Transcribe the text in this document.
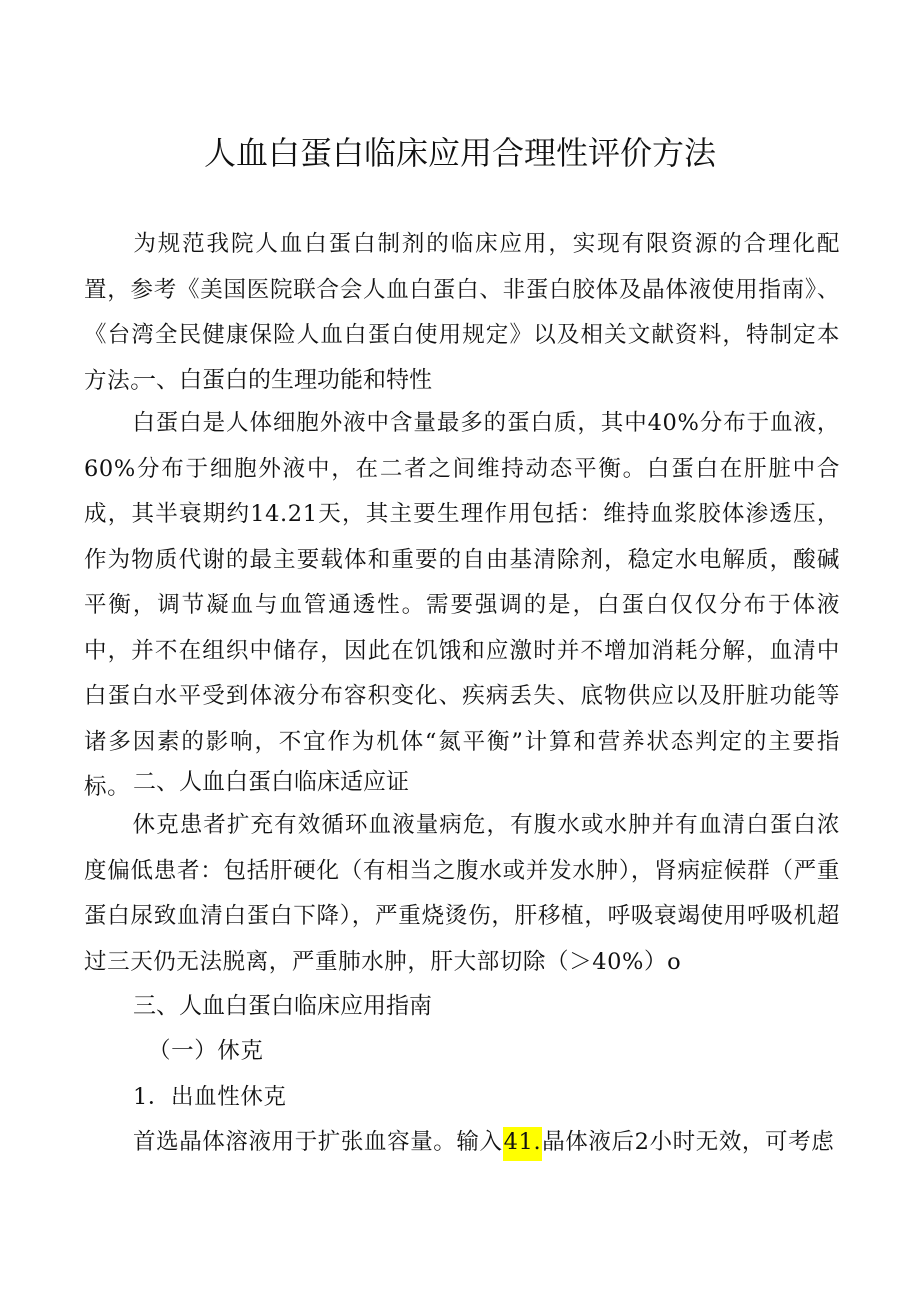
人血白蛋白临床应用合理性评价方法
为规范我院人血白蛋白制剂的临床应用，实现有限资源的合理化配置，参考《美国医院联合会人血白蛋白、非蛋白胶体及晶体液使用指南》、《台湾全民健康保险人血白蛋白使用规定》以及相关文献资料，特制定本方法。
一、白蛋白的生理功能和特性
白蛋白是人体细胞外液中含量最多的蛋白质，其中40%分布于血液，60%分布于细胞外液中，在二者之间维持动态平衡。白蛋白在肝脏中合成，其半衰期约14.21天，其主要生理作用包括：维持血浆胶体渗透压，作为物质代谢的最主要载体和重要的自由基清除剂，稳定水电解质，酸碱平衡，调节凝血与血管通透性。需要强调的是，白蛋白仅仅分布于体液中，并不在组织中储存，因此在饥饿和应激时并不增加消耗分解，血清中白蛋白水平受到体液分布容积变化、疾病丢失、底物供应以及肝脏功能等诸多因素的影响，不宜作为机体“氮平衡”计算和营养状态判定的主要指标。 二、人血白蛋白临床适应证
休克患者扩充有效循环血液量病危，有腹水或水肿并有血清白蛋白浓度偏低患者：包括肝硬化（有相当之腹水或并发水肿），肾病症候群（严重蛋白尿致血清白蛋白下降），严重烧烫伤，肝移植，呼吸衰竭使用呼吸机超过三天仍无法脱离，严重肺水肿，肝大部切除（＞40%）o
三、人血白蛋白临床应用指南
（一）休克
1．出血性休克
首选晶体溶液用于扩张血容量。输入41.晶体液后2小时无效，可考虑
